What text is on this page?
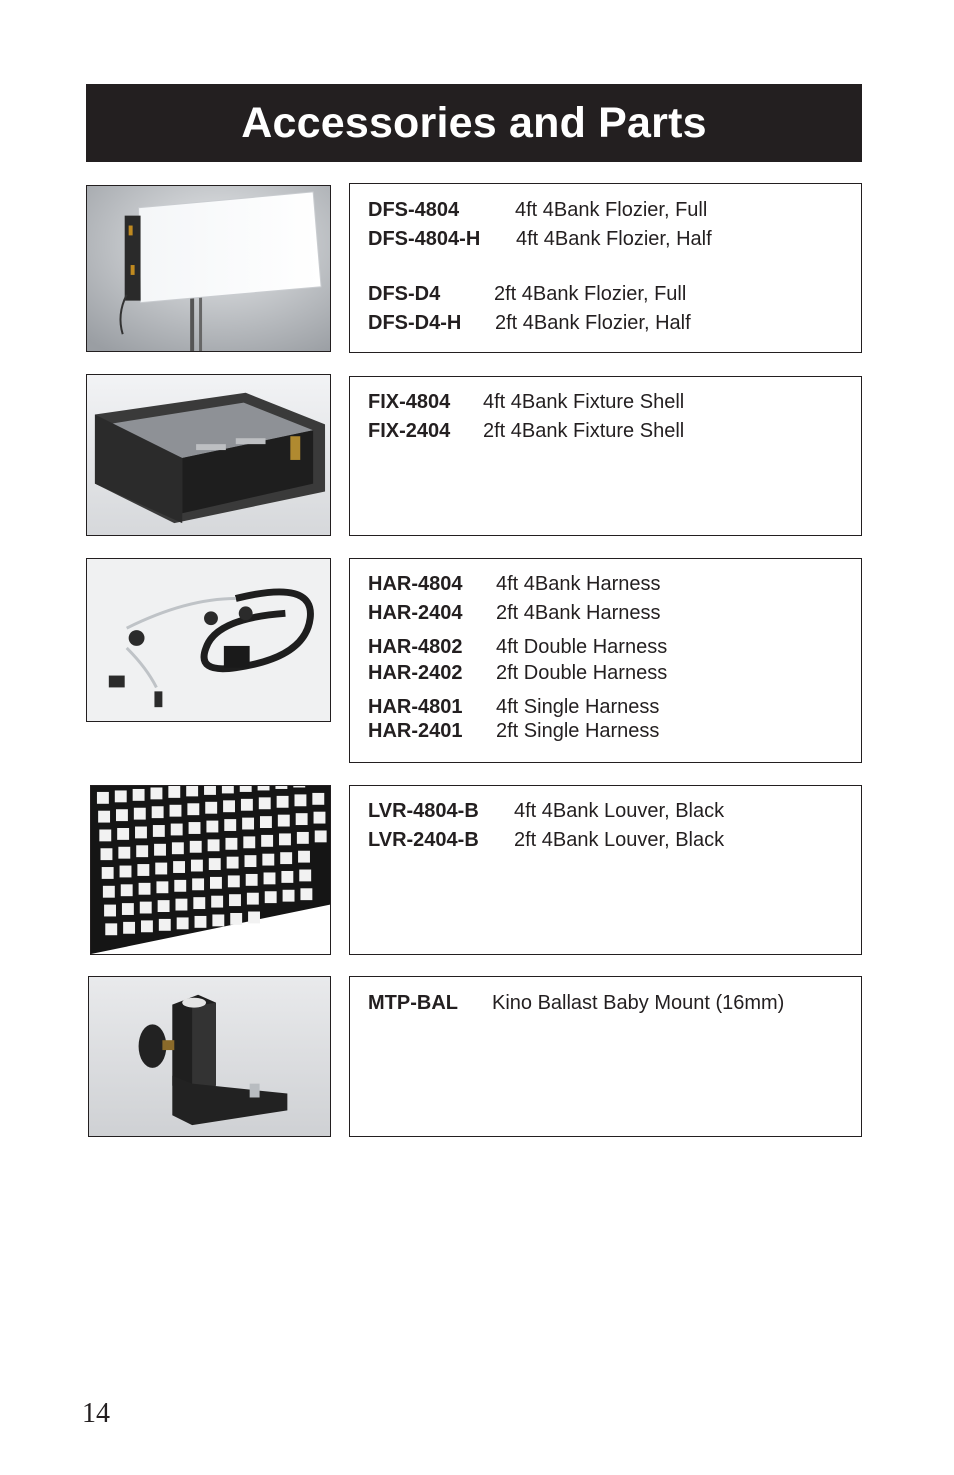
Accessories and Parts
DFS-4804	4ft 4Bank Flozier, Full
DFS-4804-H 4ft 4Bank Flozier, Half
DFS-D4	2ft 4Bank Flozier, Full
DFS-D4-H 2ft 4Bank Flozier, Half
FIX-4804 4ft 4Bank Fixture Shell
FIX-2404 2ft 4Bank Fixture Shell
HAR-4804 4ft 4Bank Harness
HAR-2404 2ft 4Bank Harness
HAR-4802 4ft Double Harness
HAR-2402 2ft Double Harness
HAR-4801 4ft Single Harness
HAR-2401 2ft Single Harness
LVR-4804-B 4ft 4Bank Louver, Black
LVR-2404-B 2ft 4Bank Louver, Black
MTP-BAL Kino Ballast Baby Mount (16mm)
14
